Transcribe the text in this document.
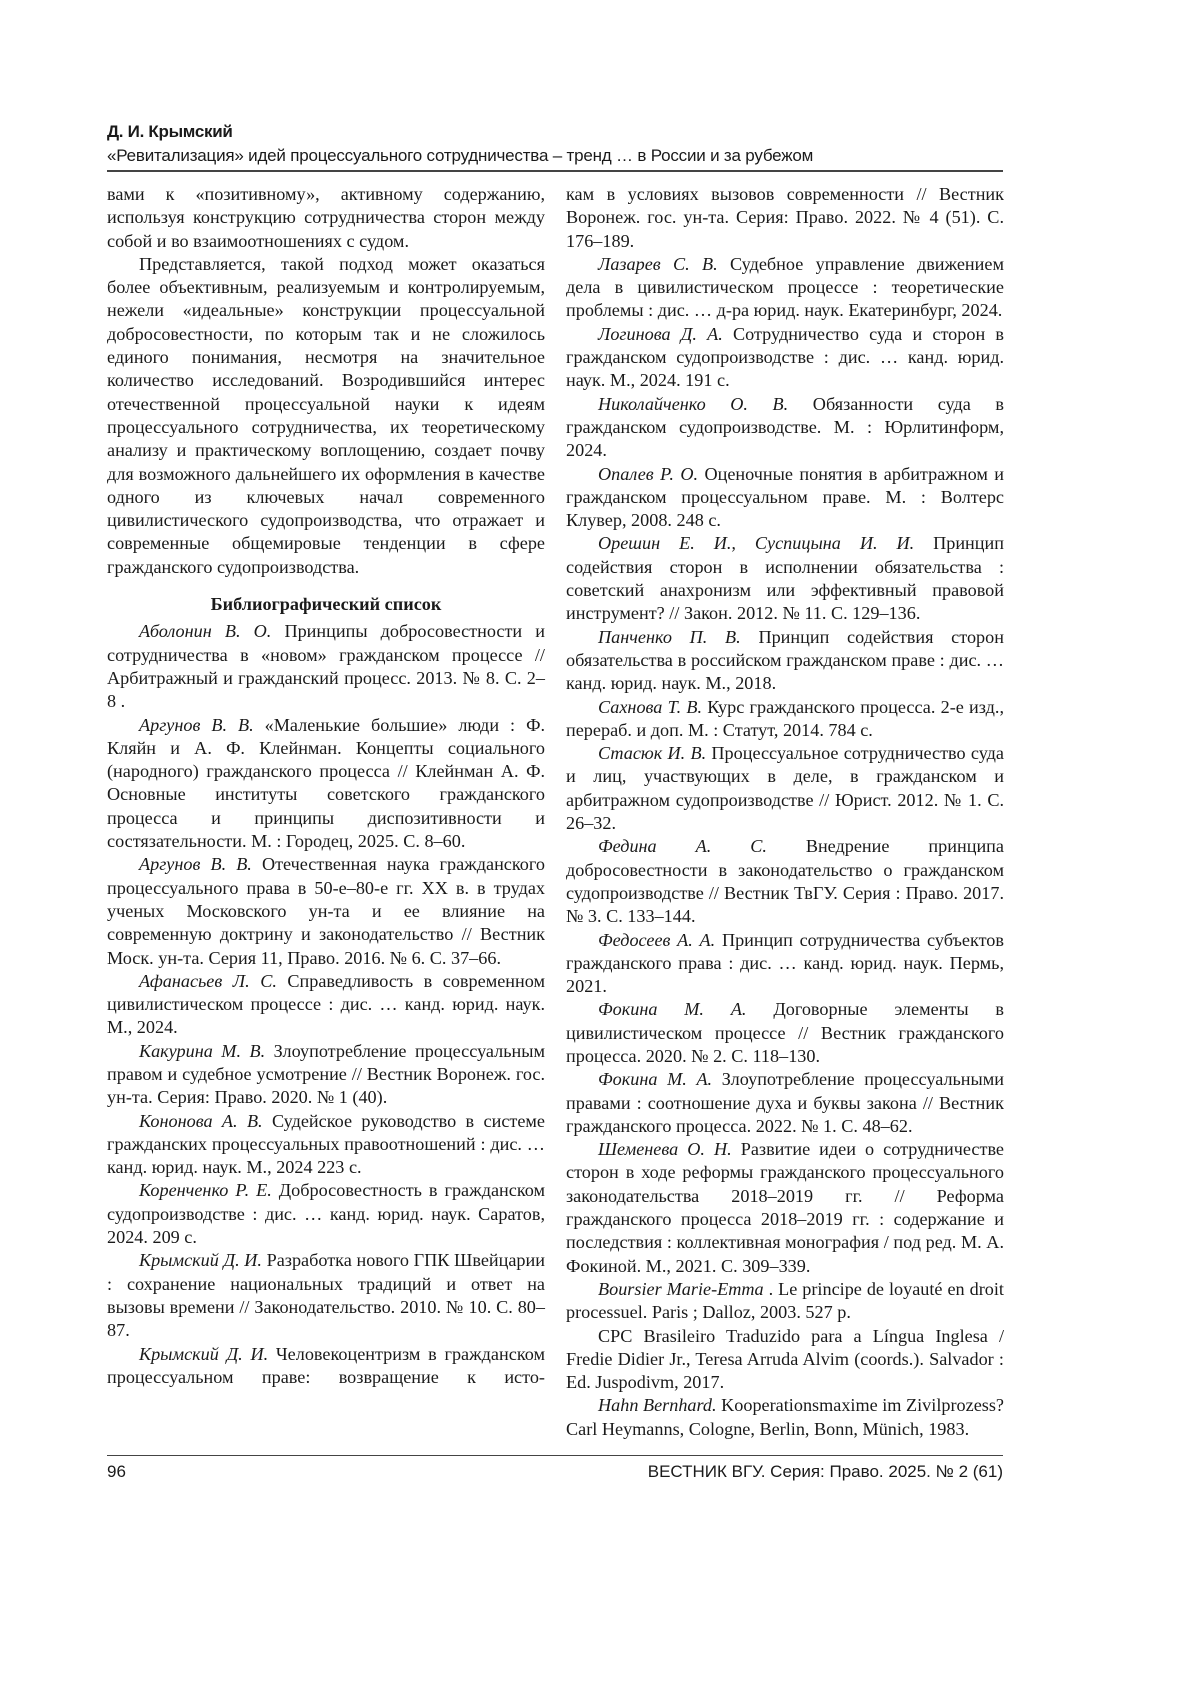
Д. И. Крымский
«Ревитализация» идей процессуального сотрудничества – тренд … в России и за рубежом

вами к «позитивному», активному содержанию, используя конструкцию сотрудничества сторон между собой и во взаимоотношениях с судом.

Представляется, такой подход может оказаться более объективным, реализуемым и контролируемым, нежели «идеальные» конструкции процессуальной добросовестности, по которым так и не сложилось единого понимания, несмотря на значительное количество исследований. Возродившийся интерес отечественной процессуальной науки к идеям процессуального сотрудничества, их теоретическому анализу и практическому воплощению, создает почву для возможного дальнейшего их оформления в качестве одного из ключевых начал современного цивилистического судопроизводства, что отражает и современные общемировые тенденции в сфере гражданского судопроизводства.

Библиографический список

Аболонин В. О. Принципы добросовестности и сотрудничества в «новом» гражданском процессе // Арбитражный и гражданский процесс. 2013. № 8. С. 2–8 .

Аргунов В. В. «Маленькие большие» люди : Ф. Кляйн и А. Ф. Клейнман. Концепты социального (народного) гражданского процесса // Клейнман А. Ф. Основные институты советского гражданского процесса и принципы диспозитивности и состязательности. М. : Городец, 2025. С. 8–60.

Аргунов В. В. Отечественная наука гражданского процессуального права в 50-е–80-е гг. XX в. в трудах ученых Московского ун-та и ее влияние на современную доктрину и законодательство // Вестник Моск. ун-та. Серия 11, Право. 2016. № 6. С. 37–66.

Афанасьев Л. С. Справедливость в современном цивилистическом процессе : дис. … канд. юрид. наук. М., 2024.

Какурина М. В. Злоупотребление процессуальным правом и судебное усмотрение // Вестник Воронеж. гос. ун-та. Серия: Право. 2020. № 1 (40).

Кононова А. В. Судейское руководство в системе гражданских процессуальных правоотношений : дис. … канд. юрид. наук. М., 2024 223 с.

Коренченко Р. Е. Добросовестность в гражданском судопроизводстве : дис. … канд. юрид. наук. Саратов, 2024. 209 с.

Крымский Д. И. Разработка нового ГПК Швейцарии : сохранение национальных традиций и ответ на вызовы времени // Законодательство. 2010. № 10. С. 80–87.

Крымский Д. И. Человекоцентризм в гражданском процессуальном праве: возвращение к исто-

кам в условиях вызовов современности // Вестник Воронеж. гос. ун-та. Серия: Право. 2022. № 4 (51). С. 176–189.

Лазарев С. В. Судебное управление движением дела в цивилистическом процессе : теоретические проблемы : дис. … д-ра юрид. наук. Екатеринбург, 2024.

Логинова Д. А. Сотрудничество суда и сторон в гражданском судопроизводстве : дис. … канд. юрид. наук. М., 2024. 191 с.

Николайченко О. В. Обязанности суда в гражданском судопроизводстве. М. : Юрлитинформ, 2024.

Опалев Р. О. Оценочные понятия в арбитражном и гражданском процессуальном праве. М. : Волтерс Клувер, 2008. 248 с.

Орешин Е. И., Суспицына И. И. Принцип содействия сторон в исполнении обязательства : советский анахронизм или эффективный правовой инструмент? // Закон. 2012. № 11. С. 129–136.

Панченко П. В. Принцип содействия сторон обязательства в российском гражданском праве : дис. … канд. юрид. наук. М., 2018.

Сахнова Т. В. Курс гражданского процесса. 2-е изд., перераб. и доп. М. : Статут, 2014. 784 с.

Стасюк И. В. Процессуальное сотрудничество суда и лиц, участвующих в деле, в гражданском и арбитражном судопроизводстве // Юрист. 2012. № 1. С. 26–32.

Федина А. С. Внедрение принципа добросовестности в законодательство о гражданском судопроизводстве // Вестник ТвГУ. Серия : Право. 2017. № 3. С. 133–144.

Федосеев А. А. Принцип сотрудничества субъектов гражданского права : дис. … канд. юрид. наук. Пермь, 2021.

Фокина М. А. Договорные элементы в цивилистическом процессе // Вестник гражданского процесса. 2020. № 2. С. 118–130.

Фокина М. А. Злоупотребление процессуальными правами : соотношение духа и буквы закона // Вестник гражданского процесса. 2022. № 1. С. 48–62.

Шеменева О. Н. Развитие идеи о сотрудничестве сторон в ходе реформы гражданского процессуального законодательства 2018–2019 гг. // Реформа гражданского процесса 2018–2019 гг. : содержание и последствия : коллективная монография / под ред. М. А. Фокиной. М., 2021. С. 309–339.

Boursier Marie-Emma . Le principe de loyauté en droit processuel. Paris ; Dalloz, 2003. 527 p.

CPC Brasileiro Traduzido para a Língua Inglesa / Fredie Didier Jr., Teresa Arruda Alvim (coords.). Salvador : Ed. Juspodivm, 2017.

Hahn Bernhard. Kooperationsmaxime im Zivilprozess? Carl Heymanns, Cologne, Berlin, Bonn, Münich, 1983.

96	ВЕСТНИК ВГУ. Серия: Право. 2025. № 2 (61)
